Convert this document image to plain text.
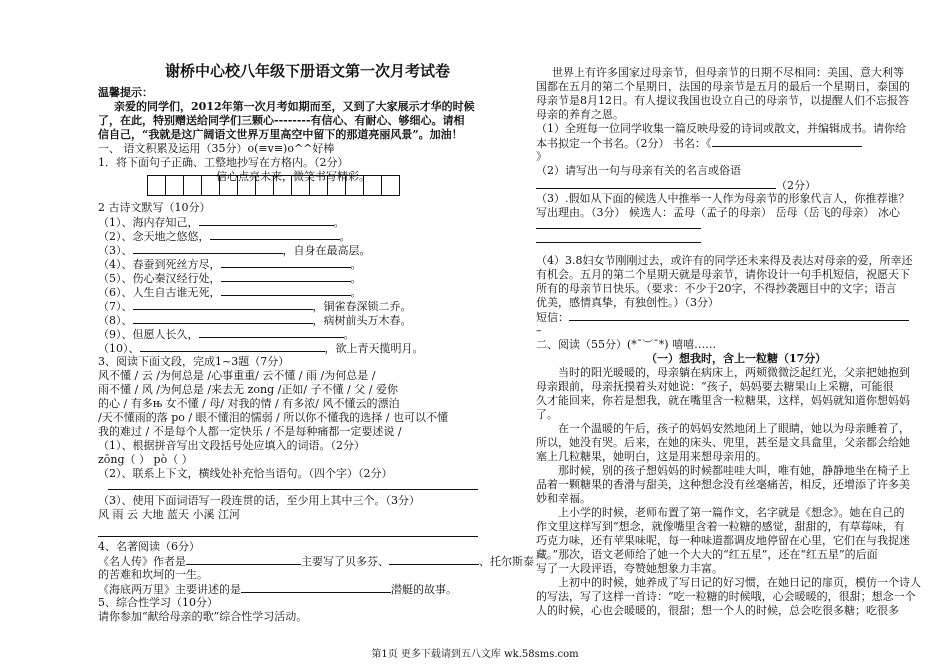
谢桥中心校八年级下册语文第一次月考试卷
温馨提示：
亲爱的同学们，2012年第一次月考如期而至，又到了大家展示才华的时候
了，在此，特别赠送给同学们三颗心--------有信心、有耐心、够细心。请相
信自己，“我就是这广阔语文世界万里高空中留下的那道亮丽风景”。加油！
一、 语文积累及运用（35分）o(≡v≡)o^^好棒
1．将下面句子正确、工整地抄写在方格内。（2分）
信心点亮未来，微笑书写精彩。
2 古诗文默写（10分）
（1）、海内存知己，	。
（2）、念天地之悠悠，	。
（3）、	，自身在最高层。
（4）、春蚕到死丝方尽，	。
（5）、伤心秦汉经行处，	。
（6）、人生自古谁无死，	。
（7）、	，铜雀春深锁二乔。
（8）、	，病树前头万木春。
（9）、但愿人长久，	。
（10）、	，欲上青天揽明月。
3、阅读下面文段，完成1~3题（7分）
风不懂 / 云 /为何总是 /心事重重/ 云不懂 / 雨 /为何总是 /
雨不懂 / 风 /为何总是 /来去无 zong /正如/ 子不懂 / 父 / 爱你
的心 / 有多њ 女不懂 / 母/ 对我的情 / 有多浓/ 风不懂云的漂泊
/天不懂雨的落 po / 眼不懂泪的懦弱 / 所以你不懂我的选择 / 也可以不懂
我的难过 / 不是每个人都一定快乐 / 不是每种痛都一定要述说 /
（1）、根据拼音写出文段括号处应填入的词语。（2分）
zōng（ ） pò（ ）
（2）、联系上下文，横线处补充恰当语句。（四个字）（2分）
（3）、使用下面词语写一段连贯的话，至少用上其中三个。（3分）
风 雨 云 大地 蓝天 小溪 江河
4、名著阅读（6分）
《名人传》作者是	主要写了贝多芬、	、托尔斯泰
的苦难和坎坷的一生。
《海底两万里》主要讲述的是	潜艇的故事。
5、综合性学习（10分）
请你参加“献给母亲的歌”综合性学习活动。
世界上有许多国家过母亲节，但母亲节的日期不尽相同：美国、意大利等
国都在五月的第二个星期日，法国的母亲节是五月的最后一个星期日，泰国的
母亲节是8月12日。有人提议我国也设立自己的母亲节，以提醒人们不忘报答
母亲的养育之恩。
（1）全班每一位同学收集一篇反映母爱的诗词或散文，并编辑成书。请你给
本书拟定一个书名。（2分） 书名：《
》
（2）请写出一句与母亲有关的名言或俗语
（2分）
（3）.假如从下面的候选人中推举一人作为母亲节的形象代言人，你推荐谁？
写出理由。（3分） 候选人：孟母（孟子的母亲） 岳母（岳飞的母亲） 冰心
（4）3.8妇女节刚刚过去，或许有的同学还未来得及表达对母亲的爱，所幸还
有机会。五月的第二个星期天就是母亲节，请你设计一句手机短信，祝愿天下
所有的母亲节日快乐。（要求：不少于20字，不得抄袭题目中的文字；语言
优美，感情真挚，有独创性。）（3分）
短信：
–
二、阅读（55分）(*¯︶¯*) 嘻嘻……
（一）想我时，含上一粒糖（17分）
当时的阳光暖暖的，母亲躺在病床上，两颊微微泛起红光，父亲把她抱到
母亲跟前，母亲抚摸着头对她说：“孩子，妈妈要去糖果山上采糖，可能很
久才能回来，你若是想我，就在嘴里含一粒糖果，这样，妈妈就知道你想妈妈
了。
在一个温暖的午后，孩子的妈妈安然地闭上了眼睛，她以为母亲睡着了，
所以，她没有哭。后来，在她的床头、兜里，甚至是文具盒里，父亲都会给她
塞上几粒糖果，她明白，这是用来想母亲用的。
那时候，别的孩子想妈妈的时候都哇哇大叫，唯有她，静静地坐在椅子上
品着一颗糖果的香滑与甜美，这种想念没有丝毫痛苦，相反，还增添了许多美
妙和幸福。
上小学的时候，老师布置了第一篇作文，名字就是《想念》。她在自己的
作文里这样写到“想念，就像嘴里含着一粒糖的感觉，甜甜的，有草莓味，有
巧克力味，还有苹果味呢，每一种味道都调皮地停留在心里，它们在与我捉迷
藏。”那次，语文老师给了她一个大大的“红五星”，还在“红五星”的后面
写了一大段评语，夸赞她想象力丰富。
上初中的时候，她养成了写日记的好习惯，在她日记的扉页，模仿一个诗人
的写法，写了这样一首诗：“吃一粒糖的时候哦，心会暖暖的，很甜；想念一个
人的时候，心也会暖暖的，很甜；想一个人的时候，总会吃很多糖；吃很多
第1页 更多下载请到五八文库 wk.58sms.com
